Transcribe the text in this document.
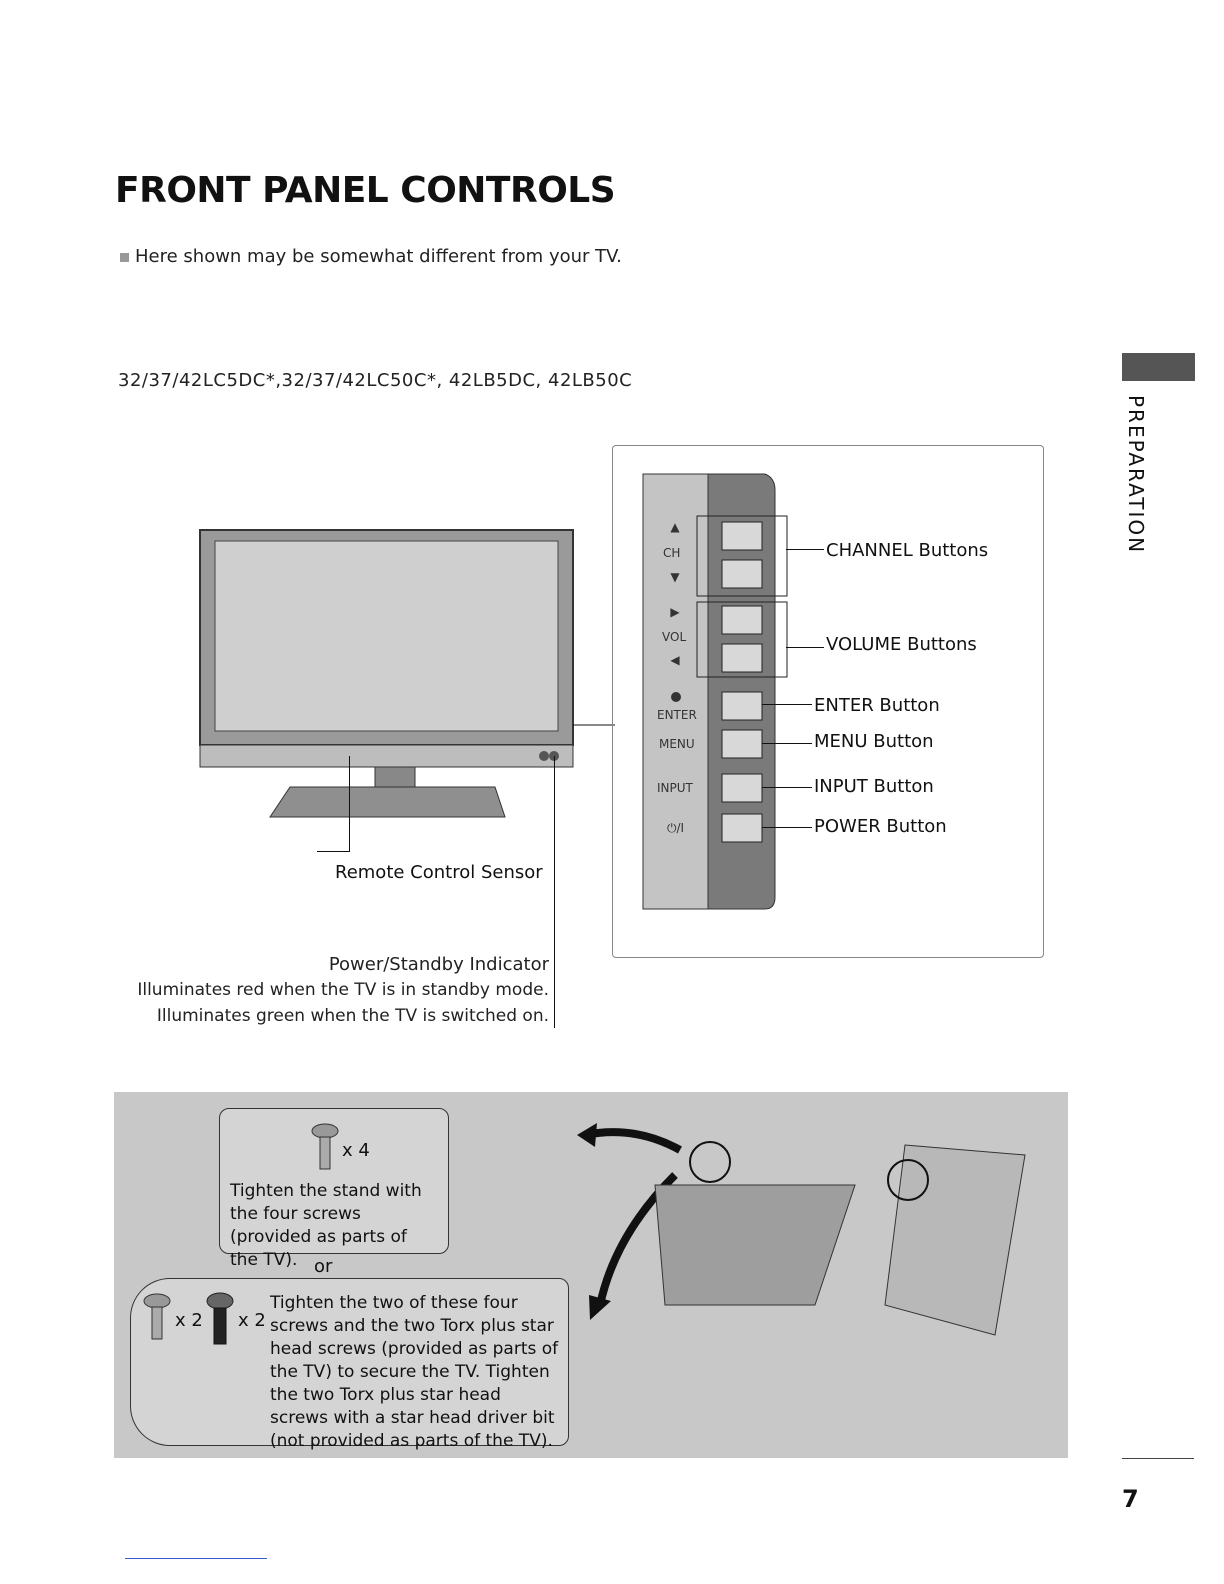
FRONT PANEL CONTROLS
Here shown may be somewhat different from your TV.
32/37/42LC5DC*,32/37/42LC50C*, 42LB5DC, 42LB50C
PREPARATION
Remote Control Sensor
Power/Standby Indicator
Illuminates red when the TV is in standby mode.
Illuminates green when the TV is switched on.
▲
▼
▶
◀
CH
VOL
ENTER
MENU
INPUT
⏻/I
CHANNEL Buttons
VOLUME Buttons
ENTER Button
MENU Button
INPUT Button
POWER Button
x 4
Tighten the stand with the four screws (provided as parts of the TV). or
x 2 x 2
Tighten the two of these four screws and the two Torx plus star head screws (provided as parts of the TV) to secure the TV. Tighten the two Torx plus star head screws with a star head driver bit (not provided as parts of the TV).
7
